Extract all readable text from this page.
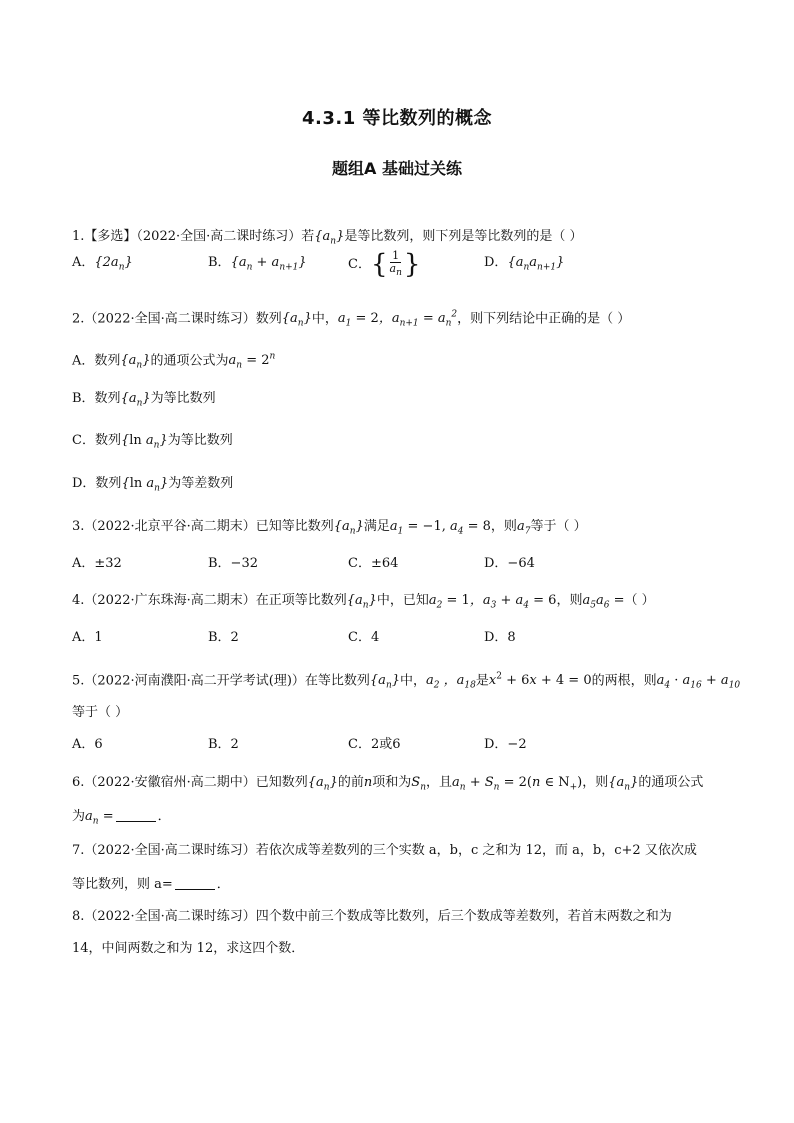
4.3.1 等比数列的概念
题组A 基础过关练
1.【多选】（2022·全国·高二课时练习）若$\{a_n\}$是等比数列，则下列是等比数列的是（ ）
A．$\{2a_n\}$	B．$\{a_n + a_{n+1}\}$	C．{ $\frac{1}{a_n}$ }	D．$\{a_na_{n+1}\}$
2.（2022·全国·高二课时练习）数列$\{a_n\}$中，$a_1 = 2$，$a_{n+1} = a_n^2$，则下列结论中正确的是（ ）
A．数列$\{a_n\}$的通项公式为$a_n = 2^n$
B．数列$\{a_n\}$为等比数列
C．数列{ln $a_n$}为等比数列
D．数列{ln $a_n$}为等差数列
3.（2022·北京平谷·高二期末）已知等比数列$\{a_n\}$满足$a_1 = -1$, $a_4 = 8$，则$a_7$等于（ ）
A．±32	B．−32	C．±64	D．−64
4.（2022·广东珠海·高二期末）在正项等比数列$\{a_n\}$中，已知$a_2 = 1$，$a_3 + a_4 = 6$，则$a_5a_6$ =（ ）
A．1	B．2	C．4	D．8
5.（2022·河南濮阳·高二开学考试(理)）在等比数列$\{a_n\}$中，$a_2$ ，$a_{18}$是$x^2 + 6x + 4 = 0$的两根，则$a_4 \cdot a_{16} + a_{10}$
等于（ ）
A．6	B．2	C．2或6	D．−2
6.（2022·安徽宿州·高二期中）已知数列$\{a_n\}$的前n项和为$S_n$，且$a_n + S_n = 2(n$ ∈ $N_+$)，则$\{a_n\}$的通项公式
为$a_n$ =	．
7.（2022·全国·高二课时练习）若依次成等差数列的三个实数 a，b，c 之和为 12，而 a，b，c+2 又依次成
等比数列，则 a=	．
8.（2022·全国·高二课时练习）四个数中前三个数成等比数列，后三个数成等差数列，若首末两数之和为
14，中间两数之和为 12，求这四个数．
